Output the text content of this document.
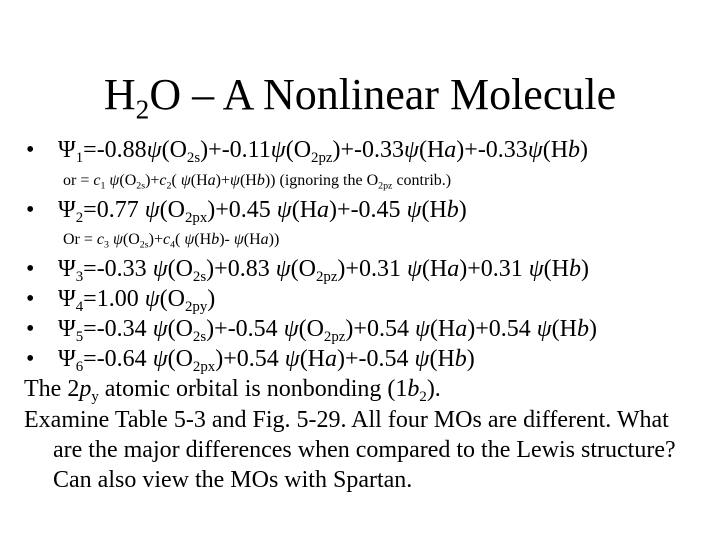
$H_2O$ – A Nonlinear Molecule
• $\Psi_1=-0.88\psi(O_{2s})+-0.11\psi(O_{2pz})+-0.33\psi(Ha)+-0.33\psi(Hb)$
or = $c_1$ $\psi(O_{2s})+c_2$( ψ(Ha)+ψ(Hb)) (ignoring the $O_{2pz}$ contrib.)
• $\Psi_2=0.77$ $\psi(O_{2px})+0.45$ ψ(Ha)+-0.45 ψ(Hb)
$Or = c_3$ $\psi(O_{2s})+c_4$( ψ(Hb)- ψ(Ha))
• $\Psi_3=-0.33$ $\psi(O_{2s})+0.83$ $\psi(O_{2pz})+0.31$ ψ(Ha)+0.31 ψ(Hb)
• $\Psi_4=1.00$ $\psi(O_{2py})$
• $\Psi_5=-0.34$ $\psi(O_{2s})+-0.54$ $\psi(O_{2pz})+0.54$ ψ(Ha)+0.54 ψ(Hb)
• $\Psi_6=-0.64$ $\psi(O_{2px})+0.54$ ψ(Ha)+-0.54 ψ(Hb)
The $2p_y$ atomic orbital is nonbonding $(1b_2)$.
Examine Table 5-3 and Fig. 5-29. All four MOs are different. What
are the major differences when compared to the Lewis structure?
Can also view the MOs with Spartan.
